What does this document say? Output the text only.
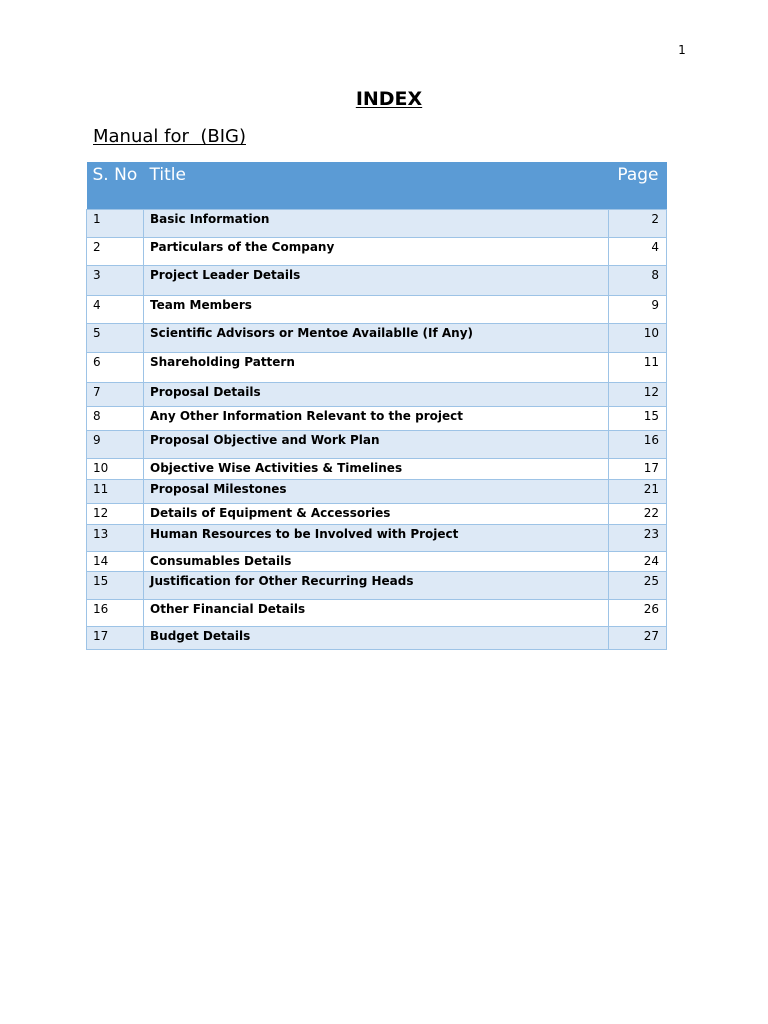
1
INDEX
Manual for  (BIG)
S. No	Title	Page
1	Basic Information	2
2	Particulars of the Company	4
3	Project Leader Details	8
4	Team Members	9
5	Scientific Advisors or Mentoe Availablle (If Any)	10
6	Shareholding Pattern	11
7	Proposal Details	12
8	Any Other Information Relevant to the project	15
9	Proposal Objective and Work Plan	16
10	Objective Wise Activities & Timelines	17
11	Proposal Milestones	21
12	Details of Equipment & Accessories	22
13	Human Resources to be Involved with Project	23
14	Consumables Details	24
15	Justification for Other Recurring Heads	25
16	Other Financial Details	26
17	Budget Details	27
